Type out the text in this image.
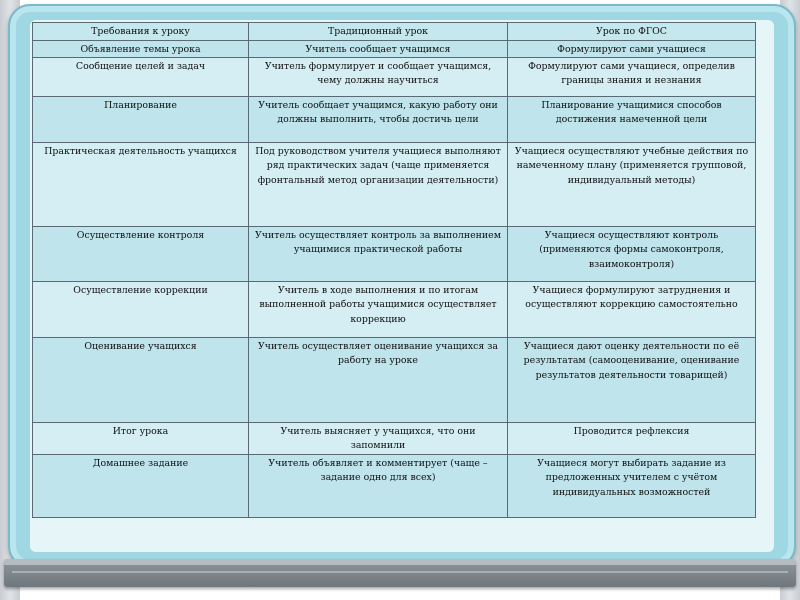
Требования к уроку	Традиционный урок	Урок по ФГОС
Объявление темы урока	Учитель сообщает учащимся	Формулируют сами учащиеся
Сообщение целей и задач	Учитель формулирует и сообщает учащимся, чему должны научиться	Формулируют сами учащиеся, определив границы знания и незнания
Планирование	Учитель сообщает учащимся, какую работу они должны выполнить, чтобы достичь цели	Планирование учащимися способов достижения намеченной цели
Практическая деятельность учащихся	Под руководством учителя учащиеся выполняют ряд практических задач (чаще применяется фронтальный метод организации деятельности)	Учащиеся осуществляют учебные действия по намеченному плану (применяется групповой, индивидуальный методы)
Осуществление контроля	Учитель осуществляет контроль за выполнением учащимися практической работы	Учащиеся осуществляют контроль (применяются формы самоконтроля, взаимоконтроля)
Осуществление коррекции	Учитель в ходе выполнения и по итогам выполненной работы учащимися осуществляет коррекцию	Учащиеся формулируют затруднения и осуществляют коррекцию самостоятельно
Оценивание учащихся	Учитель осуществляет оценивание учащихся за работу на уроке	Учащиеся дают оценку деятельности по её результатам (самооценивание, оценивание результатов деятельности товарищей)
Итог урока	Учитель выясняет у учащихся, что они запомнили	Проводится рефлексия
Домашнее задание	Учитель объявляет и комментирует (чаще – задание одно для всех)	Учащиеся могут выбирать задание из предложенных учителем с учётом индивидуальных возможностей
